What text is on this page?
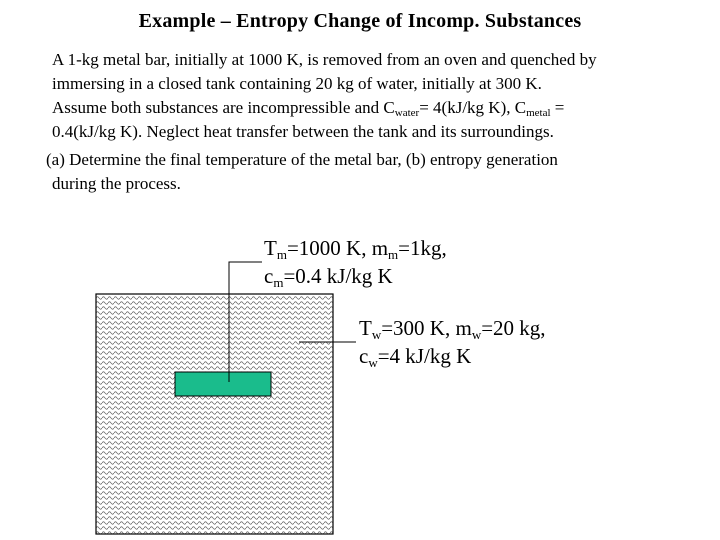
Example – Entropy Change of Incomp. Substances
A 1-kg metal bar, initially at 1000 K, is removed from an oven and quenched by
immersing in a closed tank containing 20 kg of water, initially at 300 K.
Assume both substances are incompressible and $C_{water}= 4(kJ/kg$ K), $C_{metal}$ =
0.4(kJ/kg K). Neglect heat transfer between the tank and its surroundings.
(a) Determine the final temperature of the metal bar, (b) entropy generation
during the process.
$T_m=1000$ K, $m_m=1kg$,
$c_m=0.4$ kJ/kg K
$T_w=300$ K, $m_w=20$ kg,
$c_w=4$ kJ/kg K
